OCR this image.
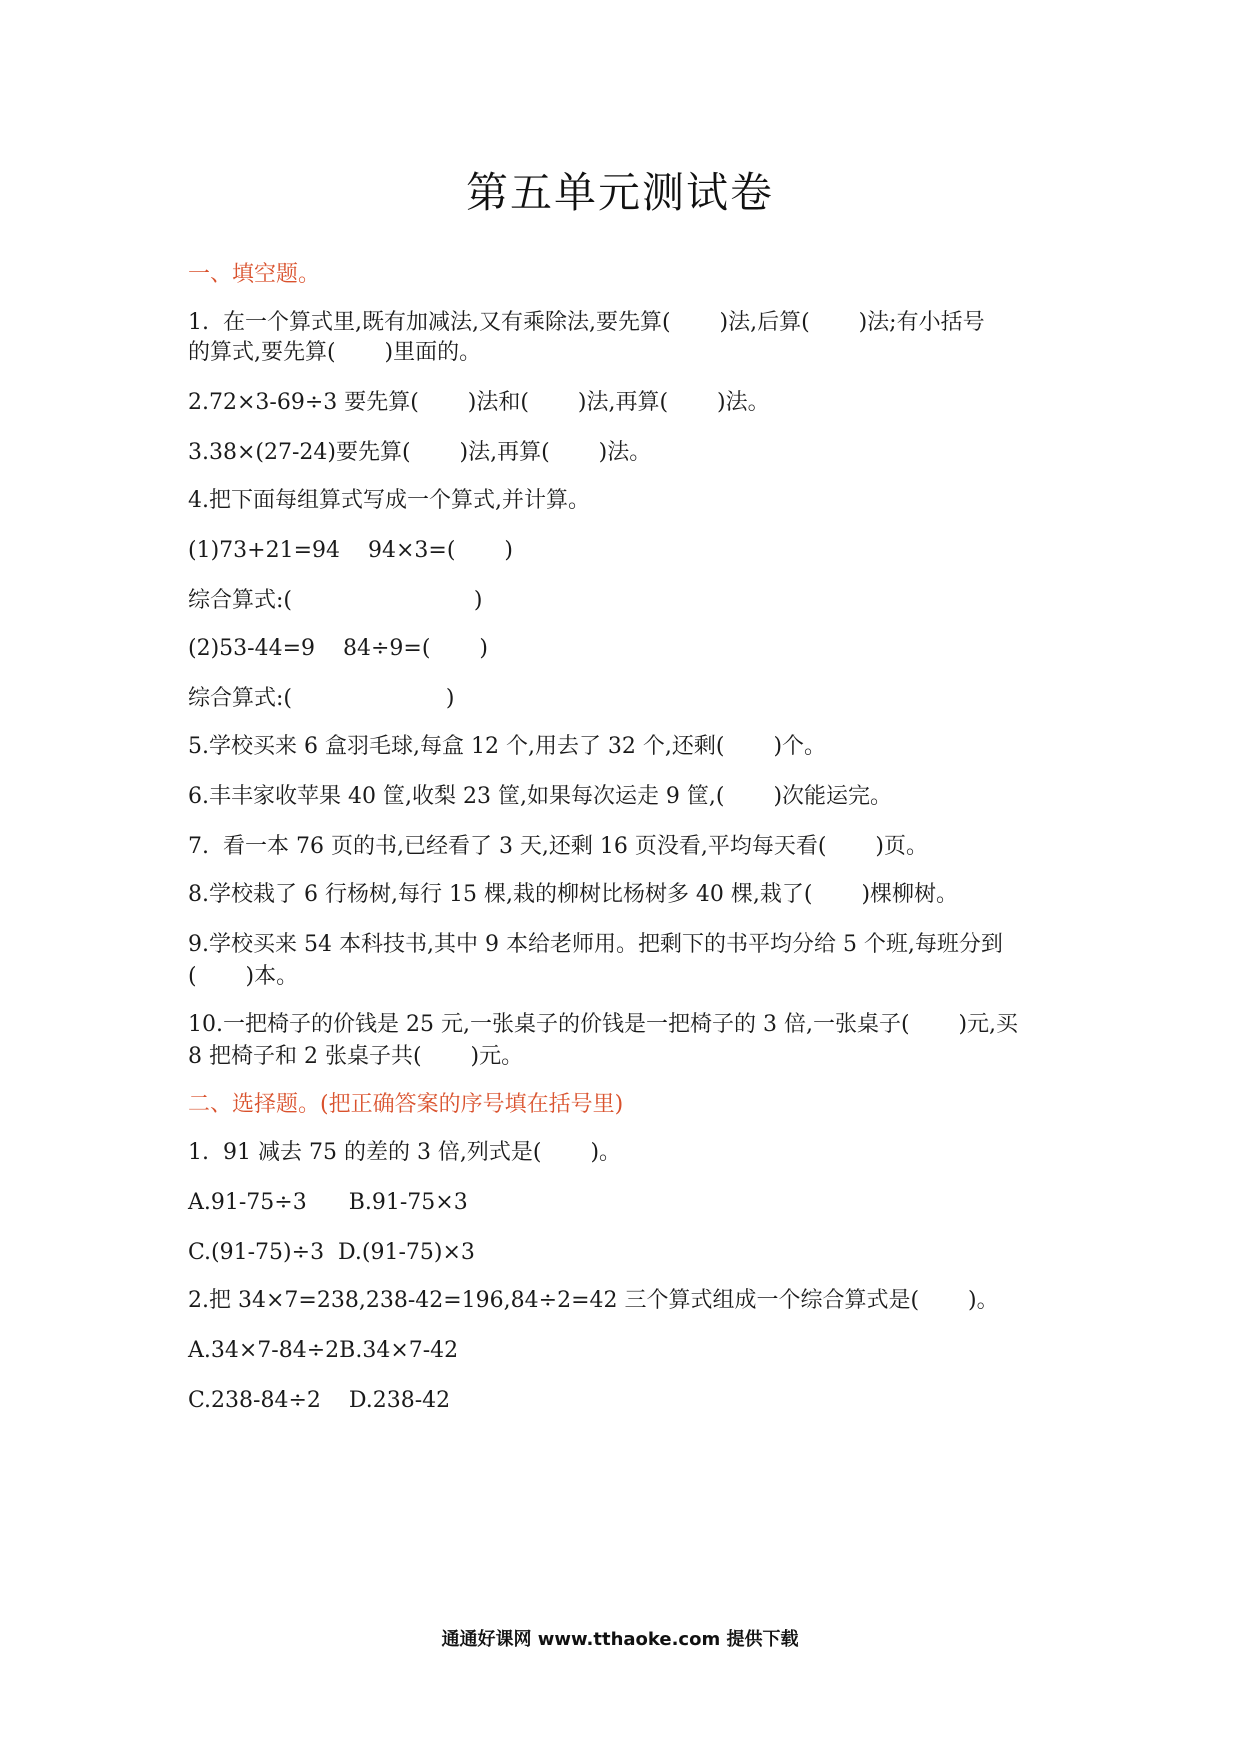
第五单元测试卷
一、填空题。
1.  在一个算式里,既有加减法,又有乘除法,要先算(       )法,后算(       )法;有小括号
的算式,要先算(       )里面的。
2.72×3-69÷3 要先算(       )法和(       )法,再算(       )法。
3.38×(27-24)要先算(       )法,再算(       )法。
4.把下面每组算式写成一个算式,并计算。
(1)73+21=94    94×3=(       )
综合算式:(                          )
(2)53-44=9    84÷9=(       )
综合算式:(                      )
5.学校买来 6 盒羽毛球,每盒 12 个,用去了 32 个,还剩(       )个。
6.丰丰家收苹果 40 筐,收梨 23 筐,如果每次运走 9 筐,(       )次能运完。
7.  看一本 76 页的书,已经看了 3 天,还剩 16 页没看,平均每天看(       )页。
8.学校栽了 6 行杨树,每行 15 棵,栽的柳树比杨树多 40 棵,栽了(       )棵柳树。
9.学校买来 54 本科技书,其中 9 本给老师用。把剩下的书平均分给 5 个班,每班分到
(       )本。
10.一把椅子的价钱是 25 元,一张桌子的价钱是一把椅子的 3 倍,一张桌子(       )元,买
8 把椅子和 2 张桌子共(       )元。
二、选择题。(把正确答案的序号填在括号里)
1.  91 减去 75 的差的 3 倍,列式是(       )。
A.91-75÷3      B.91-75×3
C.(91-75)÷3  D.(91-75)×3
2.把 34×7=238,238-42=196,84÷2=42 三个算式组成一个综合算式是(       )。
A.34×7-84÷2B.34×7-42
C.238-84÷2    D.238-42
通通好课网 www.tthaoke.com 提供下载
